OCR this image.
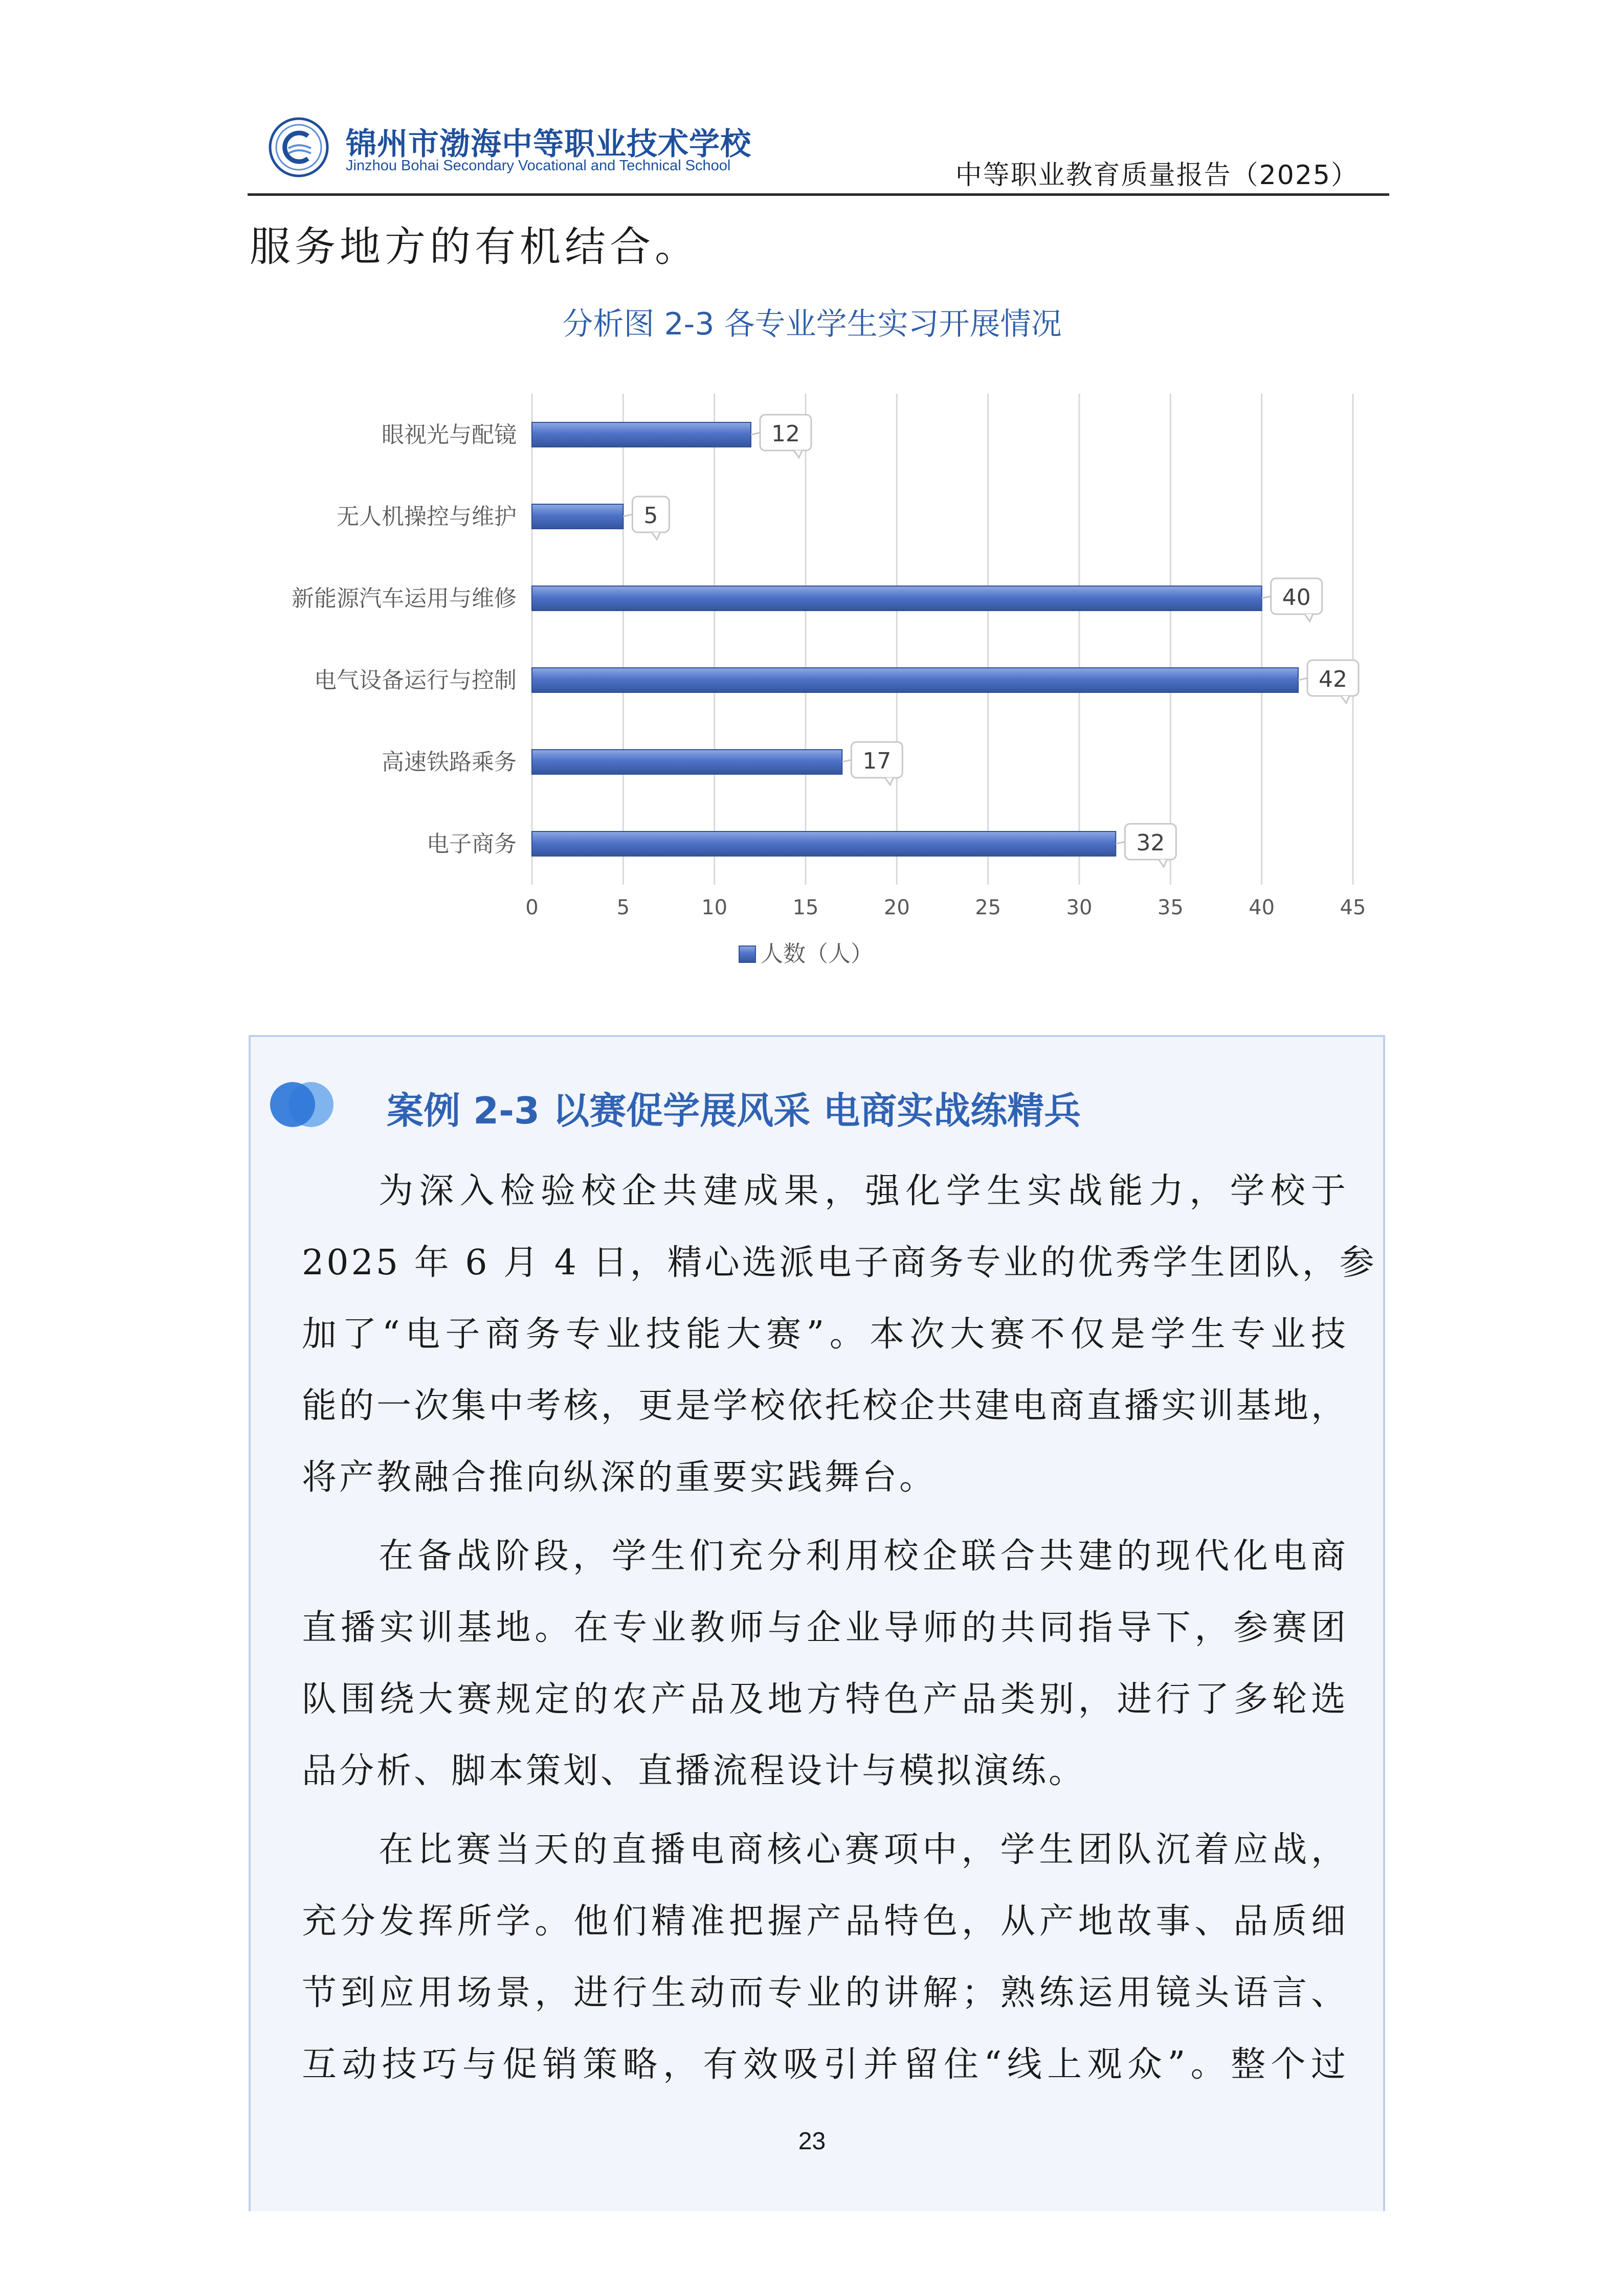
锦州市渤海中等职业技术学校
Jinzhou Bohai Secondary Vocational and Technical School	中等职业教育质量报告（2025）
服务地方的有机结合。
分析图 2-3 各专业学生实习开展情况
0	5	10	15	20	25	30	35	40	45
眼视光与配镜	12
无人机操控与维护	5
新能源汽车运用与维修	40
电气设备运行与控制	42
高速铁路乘务	17
电子商务	32
人数（人）
案例 2-3 以赛促学展风采 电商实战练精兵

为深入检验校企共建成果，强化学生实战能力，学校于
2025 年 6 月 4 日，精心选派电子商务专业的优秀学生团队，参
加了“电子商务专业技能大赛”。本次大赛不仅是学生专业技
能的一次集中考核，更是学校依托校企共建电商直播实训基地，
将产教融合推向纵深的重要实践舞台。

在备战阶段，学生们充分利用校企联合共建的现代化电商
直播实训基地。在专业教师与企业导师的共同指导下，参赛团
队围绕大赛规定的农产品及地方特色产品类别，进行了多轮选
品分析、脚本策划、直播流程设计与模拟演练。

在比赛当天的直播电商核心赛项中，学生团队沉着应战，
充分发挥所学。他们精准把握产品特色，从产地故事、品质细
节到应用场景，进行生动而专业的讲解；熟练运用镜头语言、
互动技巧与促销策略，有效吸引并留住“线上观众”。整个过

23
